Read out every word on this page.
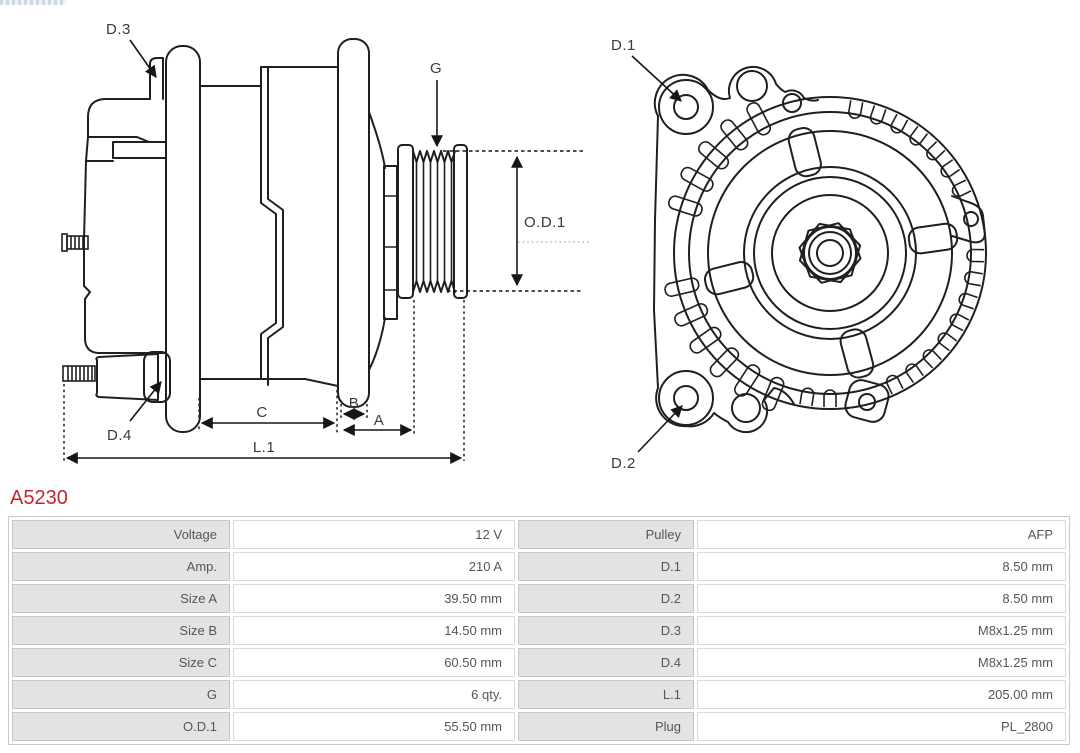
D.3
G
O.D.1
D.4
C
B
A
L.1
D.1
D.2
A5230
Voltage	12 V	Pulley	AFP
Amp.	210 A	D.1	8.50 mm
Size A	39.50 mm	D.2	8.50 mm
Size B	14.50 mm	D.3	M8x1.25 mm
Size C	60.50 mm	D.4	M8x1.25 mm
G	6 qty.	L.1	205.00 mm
O.D.1	55.50 mm	Plug	PL_2800
